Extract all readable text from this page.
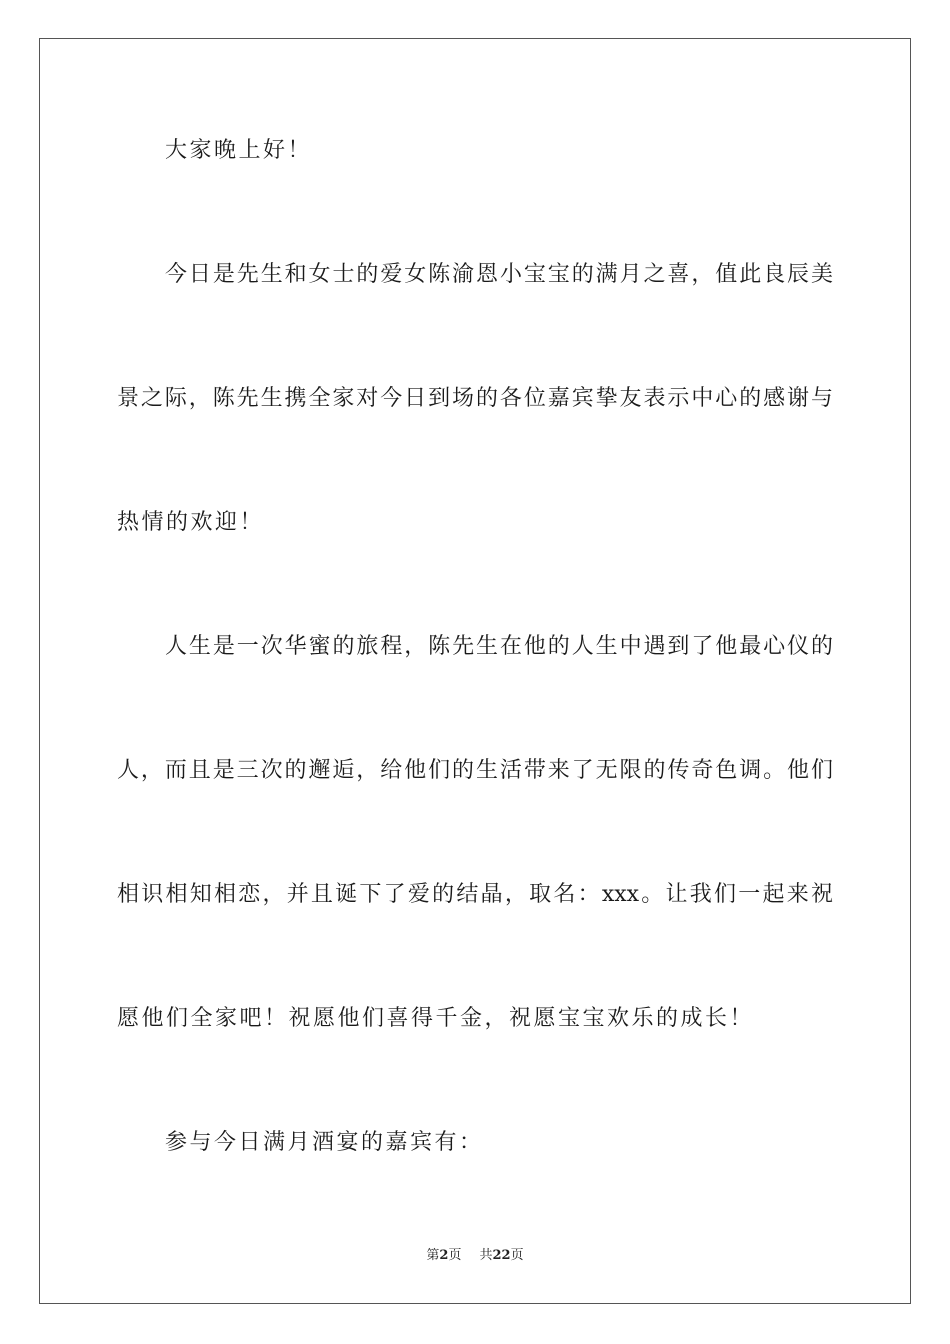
大家晚上好！
今日是先生和女士的爱女陈渝恩小宝宝的满月之喜，值此良辰美
景之际，陈先生携全家对今日到场的各位嘉宾挚友表示中心的感谢与
热情的欢迎！
人生是一次华蜜的旅程，陈先生在他的人生中遇到了他最心仪的
人，而且是三次的邂逅，给他们的生活带来了无限的传奇色调。他们
相识相知相恋，并且诞下了爱的结晶，取名：xxx。让我们一起来祝
愿他们全家吧！祝愿他们喜得千金，祝愿宝宝欢乐的成长！
参与今日满月酒宴的嘉宾有：
第2页 共22页
